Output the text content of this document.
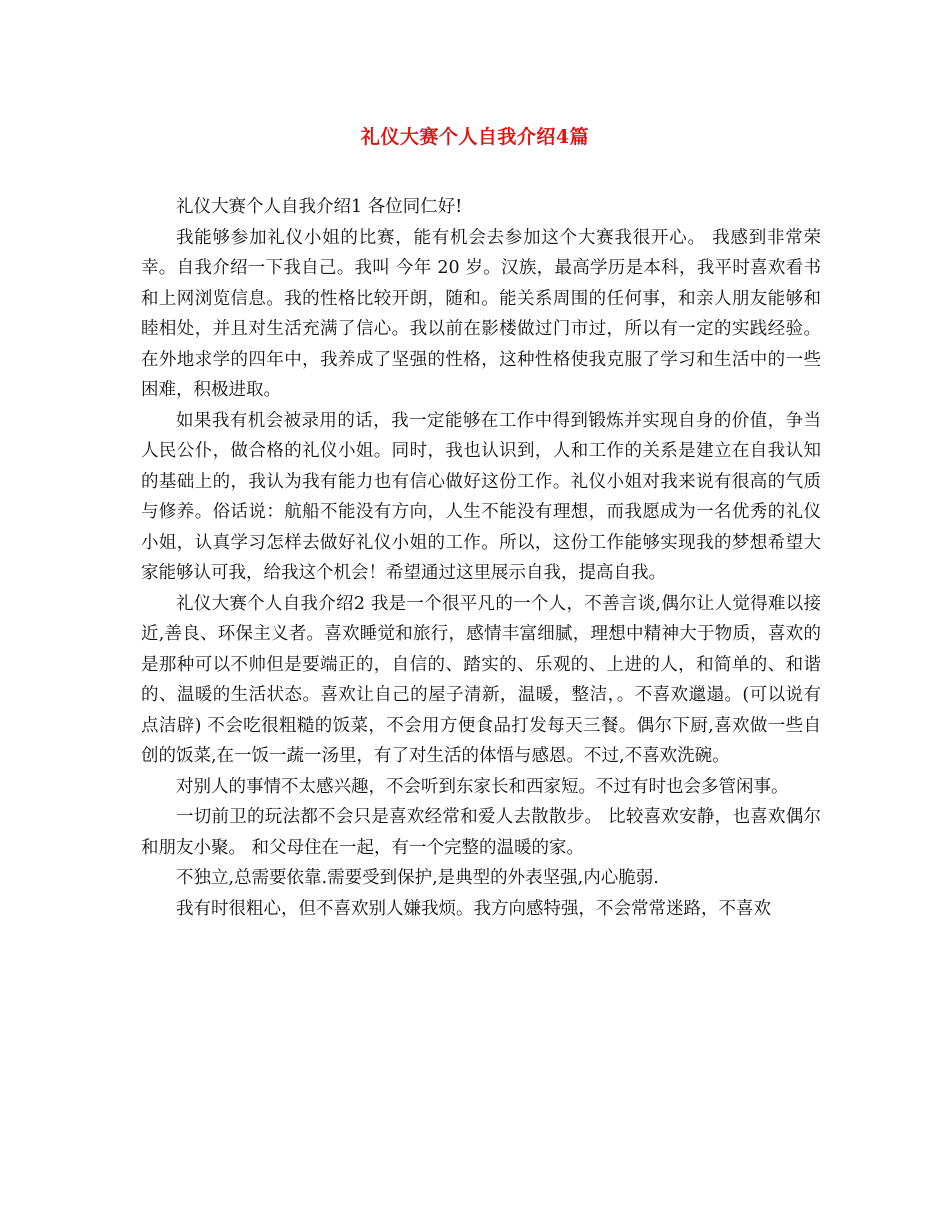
礼仪大赛个人自我介绍4篇

礼仪大赛个人自我介绍1 各位同仁好!

我能够参加礼仪小姐的比赛，能有机会去参加这个大赛我很开心。 我感到非常荣幸。自我介绍一下我自己。我叫 今年 20 岁。汉族，最高学历是本科，我平时喜欢看书和上网浏览信息。我的性格比较开朗，随和。能关系周围的任何事，和亲人朋友能够和睦相处，并且对生活充满了信心。我以前在影楼做过门市过，所以有一定的实践经验。在外地求学的四年中，我养成了坚强的性格，这种性格使我克服了学习和生活中的一些困难，积极进取。

如果我有机会被录用的话，我一定能够在工作中得到锻炼并实现自身的价值，争当人民公仆，做合格的礼仪小姐。同时，我也认识到，人和工作的关系是建立在自我认知的基础上的，我认为我有能力也有信心做好这份工作。礼仪小姐对我来说有很高的气质与修养。俗话说：航船不能没有方向，人生不能没有理想，而我愿成为一名优秀的礼仪小姐，认真学习怎样去做好礼仪小姐的工作。所以，这份工作能够实现我的梦想希望大家能够认可我，给我这个机会！希望通过这里展示自我，提高自我。

礼仪大赛个人自我介绍2 我是一个很平凡的一个人，不善言谈,偶尔让人觉得难以接近,善良、环保主义者。喜欢睡觉和旅行，感情丰富细腻，理想中精神大于物质，喜欢的是那种可以不帅但是要端正的，自信的、踏实的、乐观的、上进的人，和简单的、和谐的、温暖的生活状态。喜欢让自己的屋子清新，温暖，整洁，。不喜欢邋遢。(可以说有点洁辟) 不会吃很粗糙的饭菜，不会用方便食品打发每天三餐。偶尔下厨,喜欢做一些自创的饭菜,在一饭一蔬一汤里，有了对生活的体悟与感恩。不过,不喜欢洗碗。

对别人的事情不太感兴趣，不会听到东家长和西家短。不过有时也会多管闲事。

一切前卫的玩法都不会只是喜欢经常和爱人去散散步。 比较喜欢安静，也喜欢偶尔和朋友小聚。 和父母住在一起，有一个完整的温暖的家。

不独立,总需要依靠.需要受到保护,是典型的外表坚强,内心脆弱.

我有时很粗心，但不喜欢别人嫌我烦。我方向感特强，不会常常迷路，不喜欢
